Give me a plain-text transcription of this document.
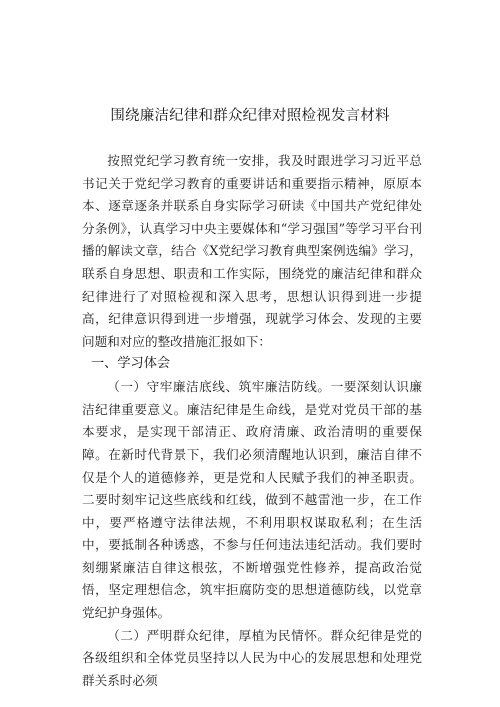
围绕廉洁纪律和群众纪律对照检视发言材料

按照党纪学习教育统一安排，我及时跟进学习习近平总书记关于党纪学习教育的重要讲话和重要指示精神，原原本本、逐章逐条并联系自身实际学习研读《中国共产党纪律处分条例》，认真学习中央主要媒体和“学习强国”等学习平台刊播的解读文章，结合《X党纪学习教育典型案例选编》学习，联系自身思想、职责和工作实际，围绕党的廉洁纪律和群众纪律进行了对照检视和深入思考，思想认识得到进一步提高，纪律意识得到进一步增强，现就学习体会、发现的主要问题和对应的整改措施汇报如下：

一、学习体会

（一）守牢廉洁底线、筑牢廉洁防线。一要深刻认识廉洁纪律重要意义。廉洁纪律是生命线，是党对党员干部的基本要求，是实现干部清正、政府清廉、政治清明的重要保障。在新时代背景下，我们必须清醒地认识到，廉洁自律不仅是个人的道德修养，更是党和人民赋予我们的神圣职责。二要时刻牢记这些底线和红线，做到不越雷池一步，在工作中，要严格遵守法律法规，不利用职权谋取私利；在生活中，要抵制各种诱惑，不参与任何违法违纪活动。我们要时刻绷紧廉洁自律这根弦，不断增强党性修养，提高政治觉悟，坚定理想信念，筑牢拒腐防变的思想道德防线，以党章党纪护身强体。

（二）严明群众纪律，厚植为民情怀。群众纪律是党的各级组织和全体党员坚持以人民为中心的发展思想和处理党群关系时必须
